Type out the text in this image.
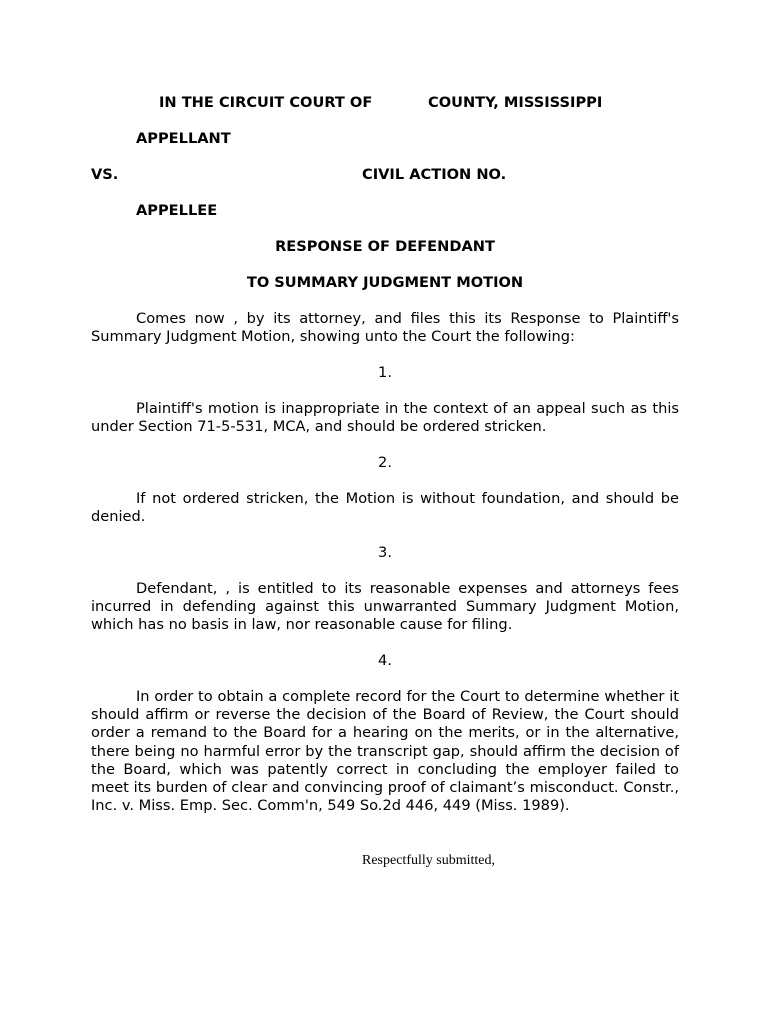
IN THE CIRCUIT COURT OF	COUNTY, MISSISSIPPI
APPELLANT
VS.	CIVIL ACTION NO.
APPELLEE
RESPONSE OF DEFENDANT
TO SUMMARY JUDGMENT MOTION
Comes now , by its attorney, and files this its Response to Plaintiff's Summary Judgment Motion, showing unto the Court the following:
1.
Plaintiff's motion is inappropriate in the context of an appeal such as this under Section 71-5-531, MCA, and should be ordered stricken.
2.
If not ordered stricken, the Motion is without foundation, and should be denied.
3.
Defendant, , is entitled to its reasonable expenses and attorneys fees incurred in defending against this unwarranted Summary Judgment Motion, which has no basis in law, nor reasonable cause for filing.
4.
In order to obtain a complete record for the Court to determine whether it should affirm or reverse the decision of the Board of Review, the Court should order a remand to the Board for a hearing on the merits, or in the alternative, there being no harmful error by the transcript gap, should affirm the decision of the Board, which was patently correct in concluding the employer failed to meet its burden of clear and convincing proof of claimant’s misconduct. Constr., Inc. v. Miss. Emp. Sec. Comm'n, 549 So.2d 446, 449 (Miss. 1989).
Respectfully submitted,
